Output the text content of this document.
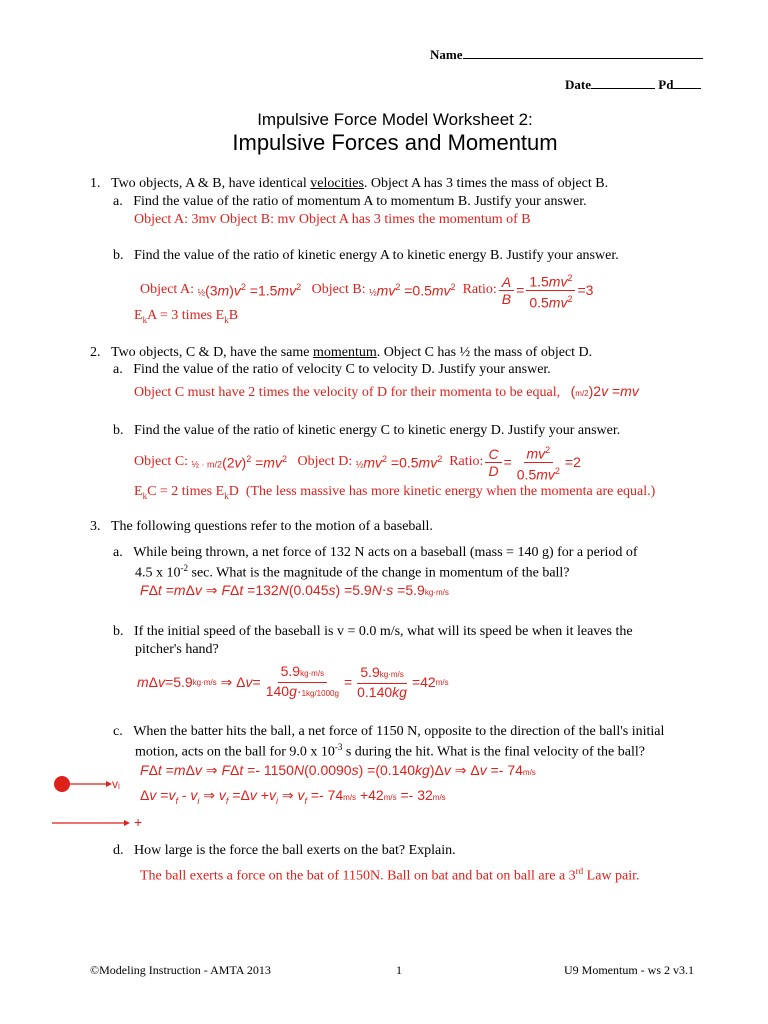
Name
Date	Pd
Impulsive Force Model Worksheet 2:
Impulsive Forces and Momentum
1. Two objects, A & B, have identical velocities. Object A has 3 times the mass of object B.
a. Find the value of the ratio of momentum A to momentum B. Justify your answer.
Object A: 3mv Object B: mv Object A has 3 times the momentum of B
b. Find the value of the ratio of kinetic energy A to kinetic energy B. Justify your answer.
Object A:
$\frac{1}{2}(3m)v^2 =1.5mv^2$
Object B:
$\frac{1}{2}mv^2 =0.5mv^2$
Ratio: $\frac{A}{B} = \frac{1.5mv^2}{0.5mv^2} =3$
$E_kA = 3$ times $E_kB$
2. Two objects, C & D, have the same momentum. Object C has ½ the mass of object D.
a. Find the value of the ratio of velocity C to velocity D. Justify your answer.
Object C must have 2 times the velocity of D for their momenta to be equal, (m/2)2v =mv
b. Find the value of the ratio of kinetic energy C to kinetic energy D. Justify your answer.
Object C:
½ · $m/2(2v)^2 =mv^2$
Object D:
$\frac{1}{2}mv^2 =0.5mv^2$
Ratio: $\frac{C}{D} = \frac{mv^2}{0.5mv^2} =2$
$E_kC = 2$ times $E_kD$  (The less massive has more kinetic energy when the momenta are equal.)
3. The following questions refer to the motion of a baseball.
a. While being thrown, a net force of 132 N acts on a baseball (mass = 140 g) for a period of
4.5 x $10^{-2}$ sec. What is the magnitude of the change in momentum of the ball?
FΔt =mΔv ⇒ FΔt =132N(0.045s) =5.9N⋅s =5.9kg·m/s
b. If the initial speed of the baseball is v = 0.0 m/s, what will its speed be when it leaves the
pitcher's hand?
m Δ v =5.9 kg·m/s ⇒ Δ $v = \frac{5.9kg\cdot m/s}{140g\cdot 1kg/1000g} = \frac{5.9kg\cdot m/s}{0.140kg} =42$ m/s
c. When the batter hits the ball, a net force of 1150 N, opposite to the direction of the ball's initial
motion, acts on the ball for 9.0 x $10^{-3}$ s during the hit. What is the final velocity of the ball?
FΔt =mΔv ⇒ FΔt =- 1150N(0.0090s) =(0.140kg)Δv ⇒ Δv =- 74m/s
$\Delta v =v_f - v_i$ ⇒ $v_f =\Delta v +v_i$ ⇒ $v_f =- 74m/s +42m/s =- 32m/s$
vᵢ
+
d. How large is the force the ball exerts on the bat? Explain.
The ball exerts a force on the bat of 1150N. Ball on bat and bat on ball are a 3rd Law pair.
©Modeling Instruction - AMTA 2013	1	U9 Momentum - ws 2 v3.1
